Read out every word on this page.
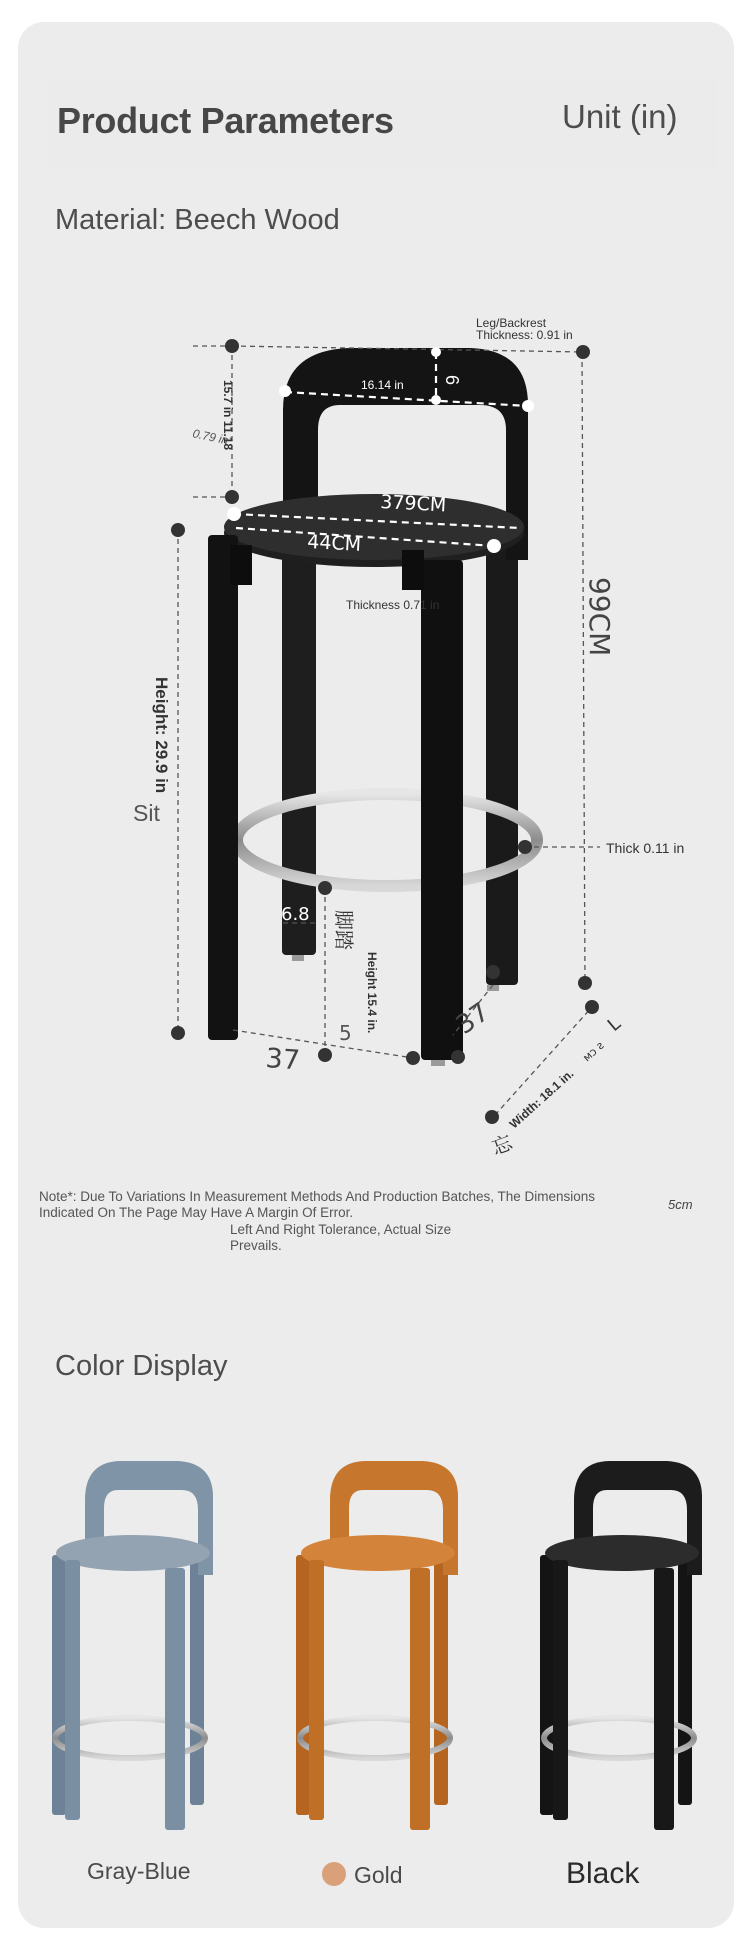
Product Parameters	Unit (in)
Material: Beech Wood
Leg/Backrest
Thickness: 0.91 in
16.14 in 6
15.7 in 11.18
0.79 in
379CM
44CM
Thickness 0.71 in	99CM
Height: 29.9 in
Sit
Thick 0.11 in
6.8 脚踏
Height 15.4 in.
5
37
37
Width: 18.1 in.
ᴍɔ ƨ
L
忘
Note*: Due To Variations In Measurement Methods And Production Batches, The Dimensions
Indicated On The Page May Have A Margin Of Error.
Left And Right Tolerance, Actual Size
Prevails.
5cm
Color Display
Gray-Blue	Gold	Black
